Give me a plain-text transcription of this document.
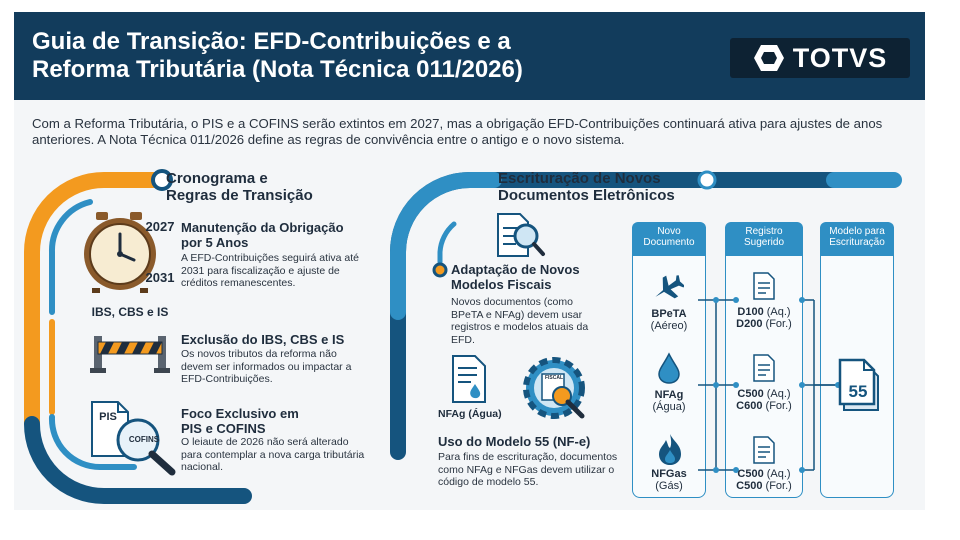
Guia de Transição: EFD-Contribuições e a
Reforma Tributária (Nota Técnica 011/2026)	TOTVS
Com a Reforma Tributária, o PIS e a COFINS serão extintos em 2027, mas a obrigação EFD-Contribuições continuará ativa para ajustes de anos anteriores. A Nota Técnica 011/2026 define as regras de convivência entre o antigo e o novo sistema.
Cronograma e
Regras de Transição
2027
2031
Manutenção da Obrigação
por 5 Anos
A EFD-Contribuições seguirá ativa até 2031 para fiscalização e ajuste de créditos remanescentes.
IBS, CBS e IS
Exclusão do IBS, CBS e IS
Os novos tributos da reforma não devem ser informados ou impactar a EFD-Contribuições.
PIS
COFINS
Foco Exclusivo em
PIS e COFINS
O leiaute de 2026 não será alterado para contemplar a nova carga tributária nacional.
Escrituração de Novos
Documentos Eletrônicos
Adaptação de Novos
Modelos Fiscais
Novos documentos (como BPeTA e NFAg) devem usar registros e modelos atuais da EFD.
NFAg (Água)
FISCAL
Uso do Modelo 55 (NF-e)
Para fins de escrituração, documentos como NFAg e NFGas devem utilizar o código de modelo 55.
Novo Documento
Registro Sugerido
Modelo para Escrituração
BPeTA
(Aéreo)
NFAg
(Água)
NFGas
(Gás)
D100 (Aq.)
D200 (For.)
C500 (Aq.)
C600 (For.)
C500 (Aq.)
C500 (For.)
55
